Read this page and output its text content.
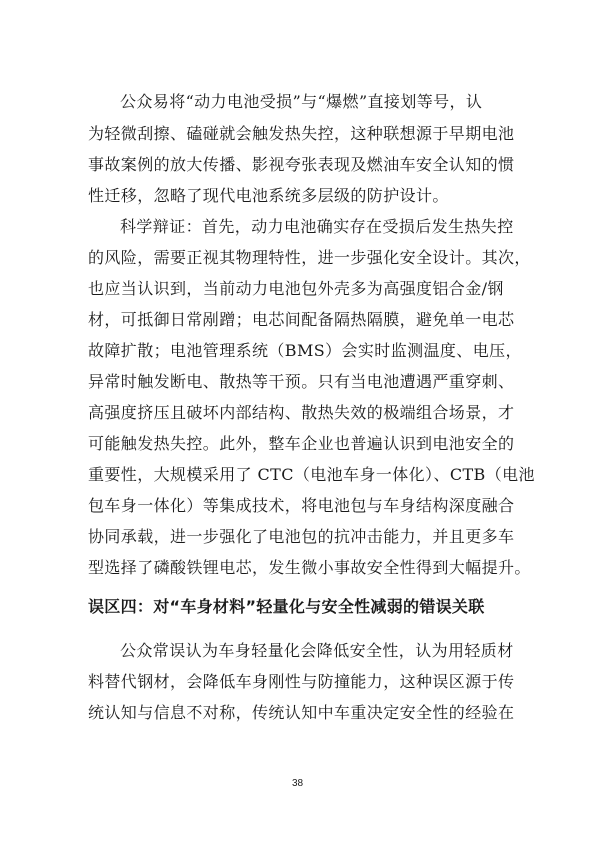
公众易将“动力电池受损”与“爆燃”直接划等号，认

为轻微刮擦、磕碰就会触发热失控，这种联想源于早期电池

事故案例的放大传播、影视夸张表现及燃油车安全认知的惯

性迁移，忽略了现代电池系统多层级的防护设计。

科学辩证：首先，动力电池确实存在受损后发生热失控

的风险，需要正视其物理特性，进一步强化安全设计。其次，

也应当认识到，当前动力电池包外壳多为高强度铝合金/钢

材，可抵御日常剐蹭；电芯间配备隔热隔膜，避免单一电芯

故障扩散；电池管理系统（BMS）会实时监测温度、电压，

异常时触发断电、散热等干预。只有当电池遭遇严重穿刺、

高强度挤压且破坏内部结构、散热失效的极端组合场景，才

可能触发热失控。此外，整车企业也普遍认识到电池安全的

重要性，大规模采用了 CTC（电池车身一体化）、CTB（电池

包车身一体化）等集成技术，将电池包与车身结构深度融合

协同承载，进一步强化了电池包的抗冲击能力，并且更多车

型选择了磷酸铁锂电芯，发生微小事故安全性得到大幅提升。

误区四：对“车身材料”轻量化与安全性减弱的错误关联

公众常误认为车身轻量化会降低安全性，认为用轻质材

料替代钢材，会降低车身刚性与防撞能力，这种误区源于传

统认知与信息不对称，传统认知中车重决定安全性的经验在

38
